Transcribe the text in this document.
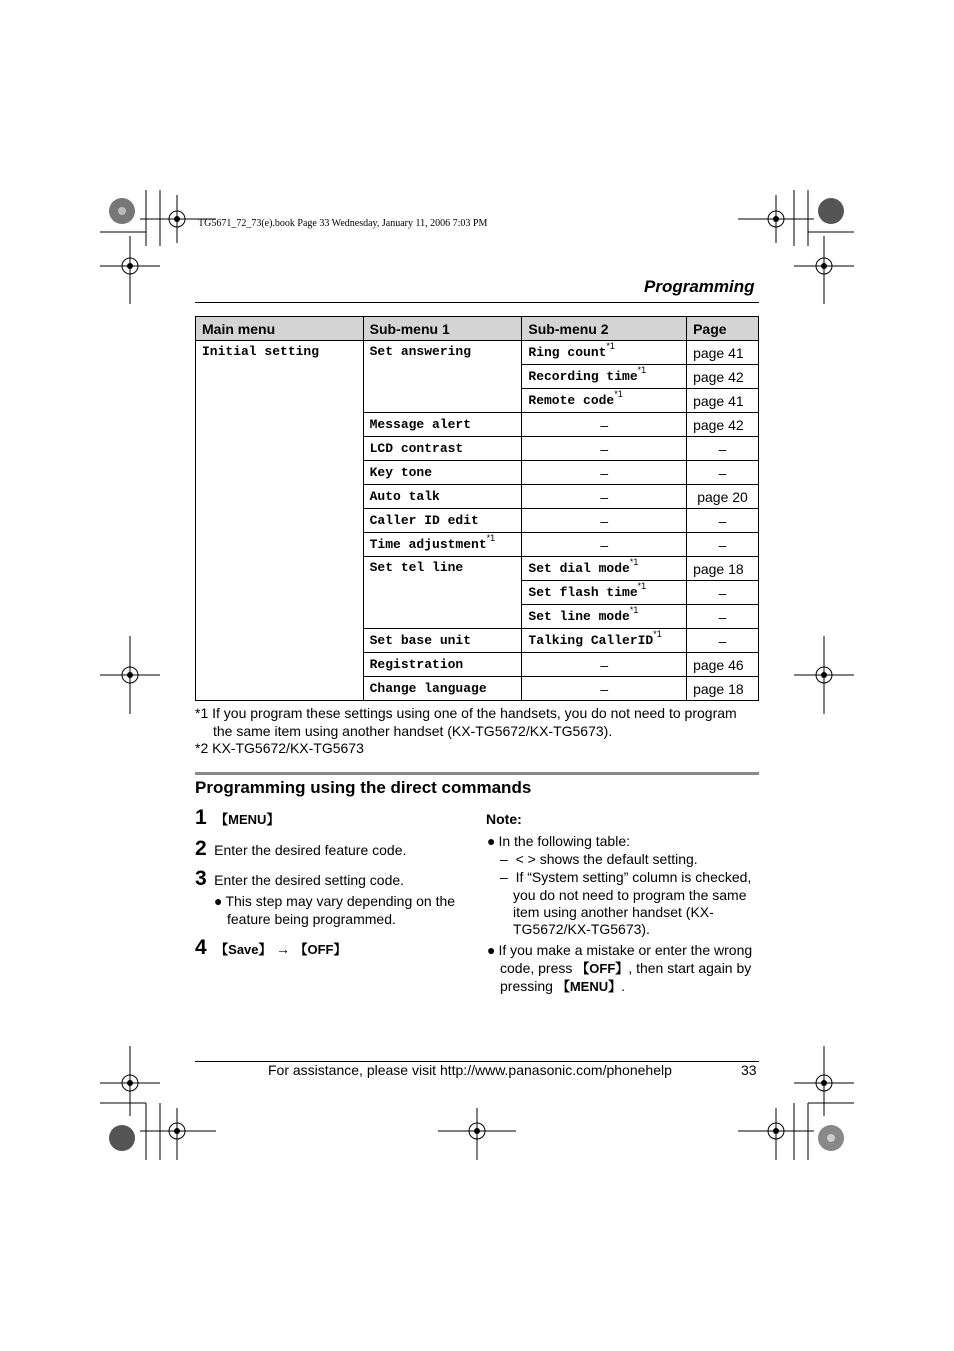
TG5671_72_73(e).book Page 33 Wednesday, January 11, 2006 7:03 PM
Programming
Main menu	Sub-menu 1	Sub-menu 2	Page
Initial setting	Set answering	Ring count$^{*1}$	page 41
		Recording time$^{*1}$	page 42
		Remote code$^{*1}$	page 41
	Message alert	–	page 42
	LCD contrast	–	–
	Key tone	–	–
	Auto talk	–	page 20
	Caller ID edit	–	–
	Time adjustment$^{*1}$	–	–
	Set tel line	Set dial mode$^{*1}$	page 18
		Set flash time$^{*1}$	–
		Set line mode$^{*1}$	–
	Set base unit	Talking CallerID$^{*1}$	–
	Registration	–	page 46
	Change language	–	page 18
*1 If you program these settings using one of the handsets, you do not need to program
the same item using another handset (KX-TG5672/KX-TG5673).
*2 KX-TG5672/KX-TG5673
Programming using the direct commands
1 【MENU】
2 Enter the desired feature code.
3 Enter the desired setting code.
● This step may vary depending on the
feature being programmed.
4 【Save】 → 【OFF】
Note:
● In the following table:
–  < > shows the default setting.
–  If “System setting” column is checked,
you do not need to program the same
item using another handset (KX-
TG5672/KX-TG5673).
● If you make a mistake or enter the wrong
code, press 【OFF】, then start again by
pressing 【MENU】.
For assistance, please visit http://www.panasonic.com/phonehelp	33
